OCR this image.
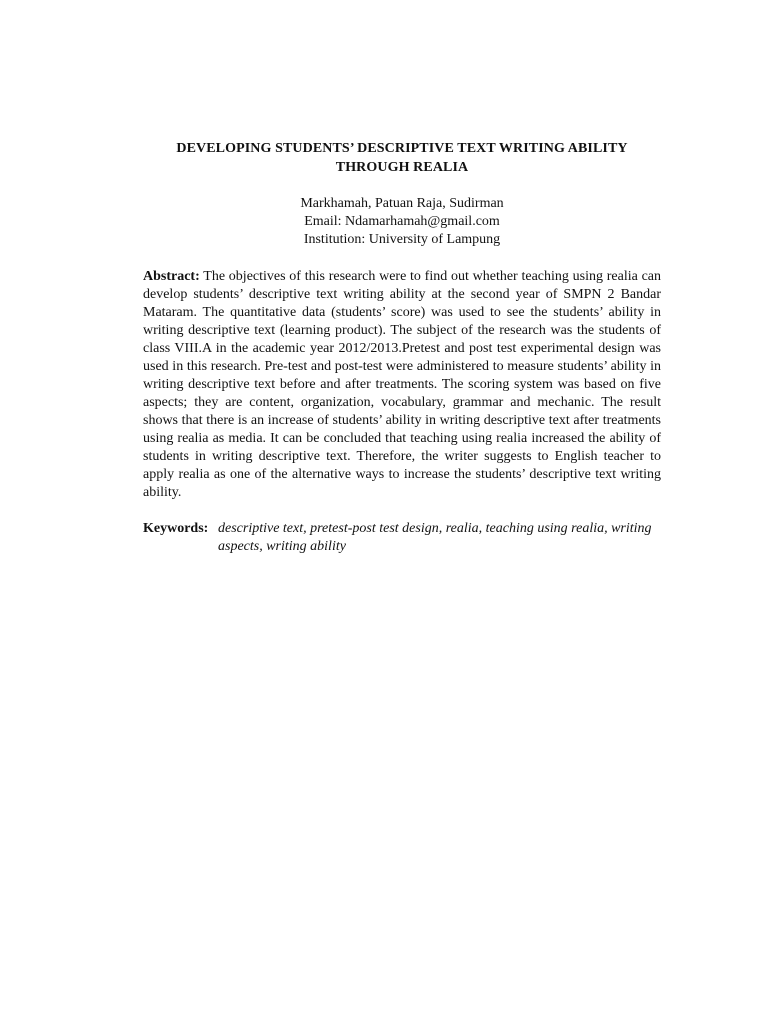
DEVELOPING STUDENTS’ DESCRIPTIVE TEXT WRITING ABILITY
THROUGH REALIA
Markhamah, Patuan Raja, Sudirman
Email: Ndamarhamah@gmail.com
Institution: University of Lampung
Abstract: The objectives of this research were to find out whether teaching using realia can develop students’ descriptive text writing ability at the second year of SMPN 2 Bandar Mataram. The quantitative data (students’ score) was used to see the students’ ability in writing descriptive text (learning product). The subject of the research was the students of class VIII.A in the academic year 2012/2013.Pretest and post test experimental design was used in this research. Pre-test and post-test were administered to measure students’ ability in writing descriptive text before and after treatments. The scoring system was based on five aspects; they are content, organization, vocabulary, grammar and mechanic. The result shows that there is an increase of students’ ability in writing descriptive text after treatments using realia as media. It can be concluded that teaching using realia increased the ability of students in writing descriptive text. Therefore, the writer suggests to English teacher to apply realia as one of the alternative ways to increase the students’ descriptive text writing ability.
Keywords: descriptive text, pretest-post test design, realia, teaching using realia, writing aspects, writing ability
